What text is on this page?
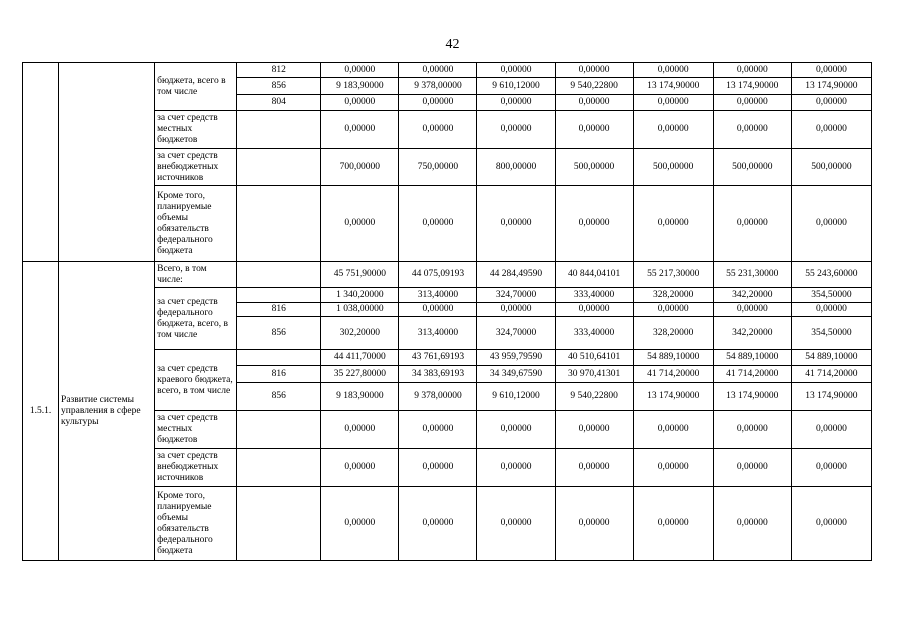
42
		бюджета, всего в том числе	812	0,00000	0,00000	0,00000	0,00000	0,00000	0,00000	0,00000
			856	9 183,90000	9 378,00000	9 610,12000	9 540,22800	13 174,90000	13 174,90000	13 174,90000
			804	0,00000	0,00000	0,00000	0,00000	0,00000	0,00000	0,00000
		за счет средств местных бюджетов		0,00000	0,00000	0,00000	0,00000	0,00000	0,00000	0,00000
		за счет средств внебюджетных источников		700,00000	750,00000	800,00000	500,00000	500,00000	500,00000	500,00000
		Кроме того, планируемые объемы обязательств федерального бюджета		0,00000	0,00000	0,00000	0,00000	0,00000	0,00000	0,00000
1.5.1.	Развитие системы управления в сфере культуры	Всего, в том числе:		45 751,90000	44 075,09193	44 284,49590	40 844,04101	55 217,30000	55 231,30000	55 243,60000
		за счет средств федерального бюджета, всего, в том числе		1 340,20000	313,40000	324,70000	333,40000	328,20000	342,20000	354,50000
			816	1 038,00000	0,00000	0,00000	0,00000	0,00000	0,00000	0,00000
			856	302,20000	313,40000	324,70000	333,40000	328,20000	342,20000	354,50000
		за счет средств краевого бюджета, всего, в том числе		44 411,70000	43 761,69193	43 959,79590	40 510,64101	54 889,10000	54 889,10000	54 889,10000
			816	35 227,80000	34 383,69193	34 349,67590	30 970,41301	41 714,20000	41 714,20000	41 714,20000
			856	9 183,90000	9 378,00000	9 610,12000	9 540,22800	13 174,90000	13 174,90000	13 174,90000
		за счет средств местных бюджетов		0,00000	0,00000	0,00000	0,00000	0,00000	0,00000	0,00000
		за счет средств внебюджетных источников		0,00000	0,00000	0,00000	0,00000	0,00000	0,00000	0,00000
		Кроме того, планируемые объемы обязательств федерального бюджета		0,00000	0,00000	0,00000	0,00000	0,00000	0,00000	0,00000
